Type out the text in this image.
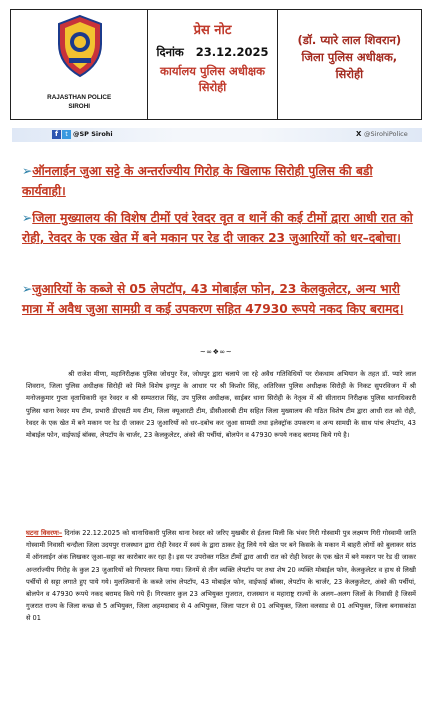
RAJASTHAN POLICE
SIROHI
प्रेस नोट
दिनांक 23.12.2025
कार्यालय पुलिस अधीक्षक
सिरोही
(डॉ. प्यारे लाल शिवरान)
जिला पुलिस अधीक्षक,
सिरोही
f	t @SP Sirohi	X @SirohiPolice
➢ऑनलाईन जुआ सट्टे के अन्तर्राज्यीय गिरोह के खिलाफ सिरोही पुलिस की बडी कार्यवाही।
➢जिला मुख्यालय की विशेष टीमों एवं रेवदर वृत व थानें की कई टीमों द्वारा आधी रात को रोही, रेवदर के एक खेत में बने मकान पर रेड दी जाकर 23 जुआरियों को धर–दबोचा।
➢जुआरियों के कब्जे से 05 लेपटॉप, 43 मोबाईल फोन, 23 केलकुलेटर, अन्य भारी मात्रा में अवैध जुआ सामग्री व कई उपकरण सहित 47930 रूपये नकद किए बरामद।
~∞❖∞~
श्री राजेश मीणा, महानिरीक्षक पुलिस जोधपुर रेंज, जोधपुर द्वारा चलाये जा रहे अवैध गतिविधियों पर रोकथाम अभियान के तहत डॉ. प्यारे लाल शिवरान, जिला पुलिस अधीक्षक सिरोही को मिले विशेष इनपुट के आधार पर श्री किशोर सिंह, अतिरिक्त पुलिस अधीक्षक सिरोही के निकट सुपरविजन में श्री मनोजकुमार गुप्ता वृताधिकारी वृत रेवदर व श्री सम्पतराज सिंह, उप पुलिस अधीक्षक, साईबर थाना सिरोही के नेतृत्व में श्री सीताराम निरीक्षक पुलिस थानाधिकारी पुलिस थाना रेवदर मय टीम, प्रभारी डीएसटी मय टीम, जिला क्यूआरटी टीम, डीसीआरबी टीम सहित जिला मुख्यालय की गठित विशेष टीम द्वारा आधी रात को रोही, रेवदर के एक खेत में बने मकान पर रेड दी जाकर 23 जुआरियों को धर–दबोच कर जुआ सामग्री तथा इलेक्ट्रॉक उपकरण व अन्य सामग्री के साथ पांच लेपटॉप, 43 मोबाईल फोन, वाईफाई बॉक्स, लेपटॉप के चार्जर, 23 केलकुलेटर, अंको की पर्चीयां, बोलपेन व 47930 रूपये नकद बरामद किये गये है।
घटना विवरणः– दिनांक 22.12.2025 को थानाधिकारी पुलिस थाना रेवदर को जरिए मुखबीर से ईतला मिली कि भंवर गिरी गोस्वामी पुत्र लक्ष्मण गिरी गोस्वामी जाति गोस्वामी निवासी चन्दौला जिला उदयपुर राजस्थान द्वारा रोही रेवदर में स्वयं के द्वारा ठाकर हेतु लिये गये खेत पर बने किसके के मकान में बाहरी लोगों को बुलाकर सांठ में ऑनलाईन अंक लिखकर जुआ–सट्टा का कारोबार कर रहा है। इस पर उपरोक्त गठित टीमों द्वारा आधी रात को रोही रेवदर के एक खेत में बने मकान पर रेड दी जाकर अन्तर्राज्यीय गिरोह के कुल 23 जुआरियों को गिरफ्तार किया गया। जिनमें से तीन व्यक्ति लेपटॉप पर तथा शेष 20 व्यक्ति मोबाईल फोन, केलकुलेटर व हाथ से लिखी पर्चीयों से सट्टा लगाते हुए पाये गये। मुलजिमानों के कब्जे जांच लेपटॉप, 43 मोबाईल फोन, वाईफाई बॉक्स, लेपटॉप के चार्जर, 23 केलकुलेटर, अंको की पर्चीयां, बोलपेन व 47930 रूपये नकद बरामद किये गये हैं। गिरफ्तार कुल 23 अभियुक्त गुजरात, राजस्थान व महाराष्ट्र राज्यों के अलग–अलग जिलों के निवासी है जिसमें गुजरात राज्य के जिला कच्छ से 5 अभियुक्त, जिला अहमदाबाद से 4 अभियुक्त, जिला पाटन से 01 अभियुक्त, जिला वलसाड से 01 अभियुक्त, जिला बनासकांठा से 01
